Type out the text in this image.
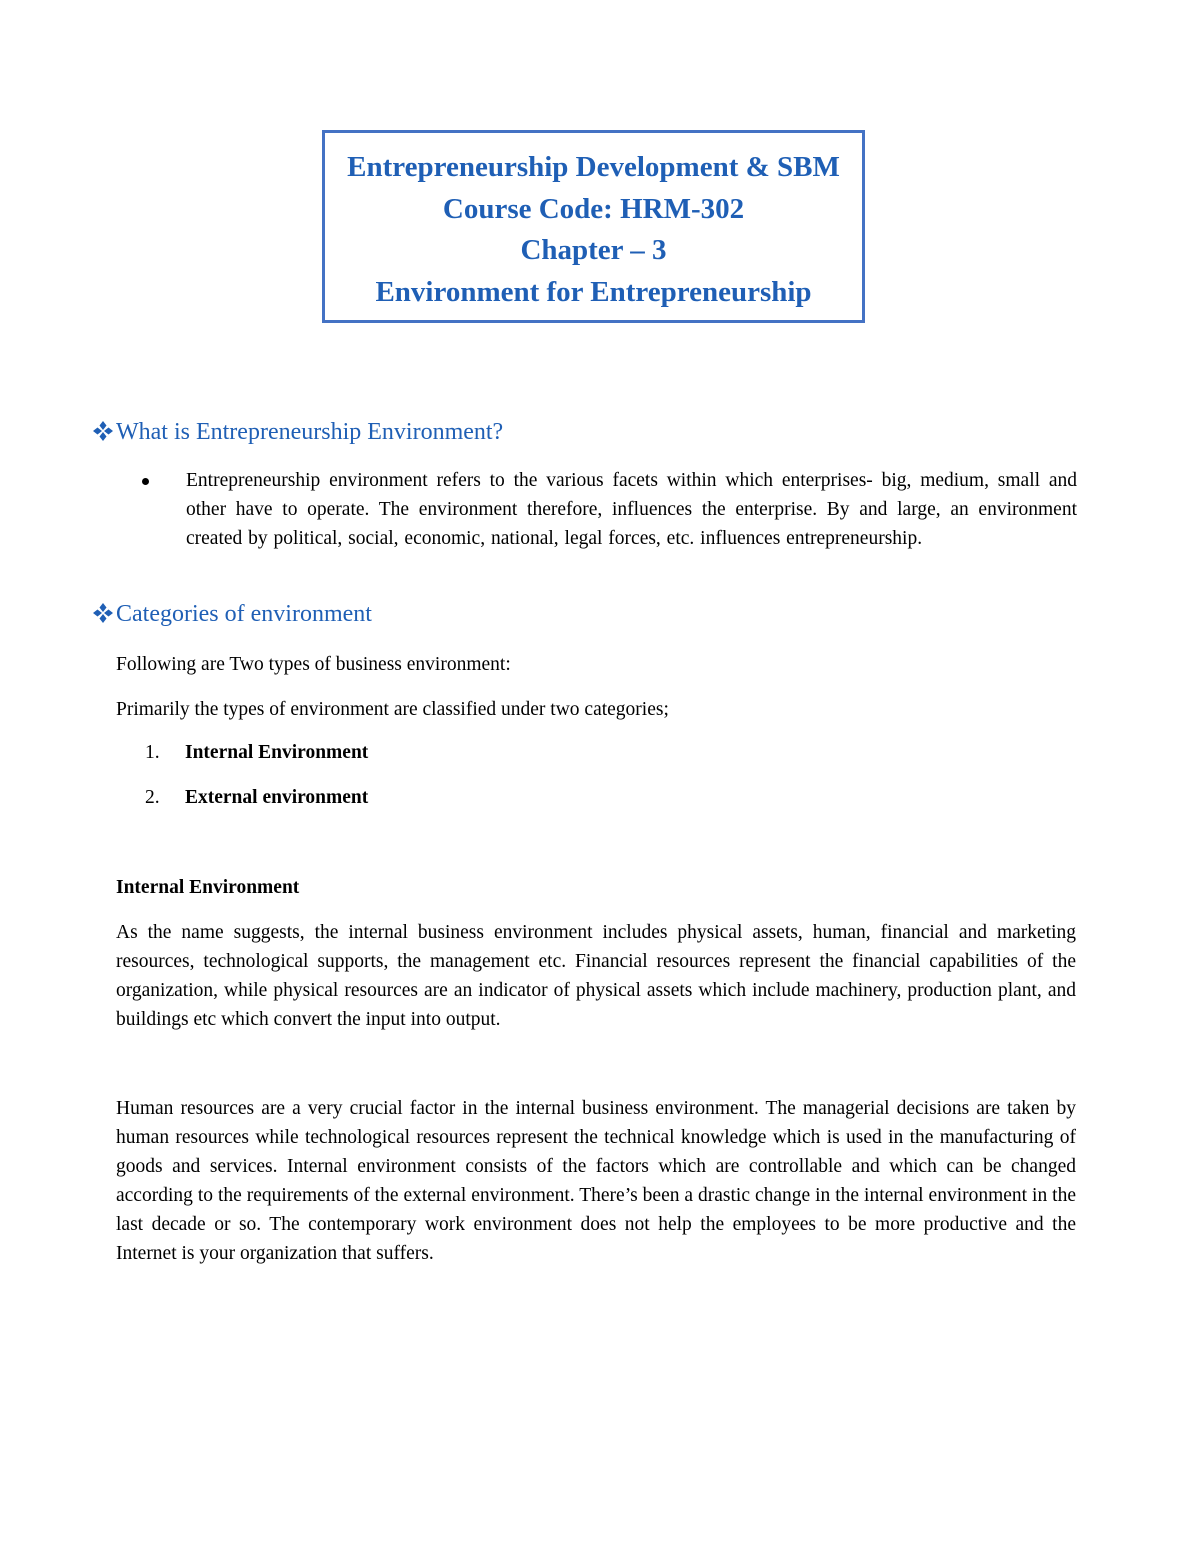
Entrepreneurship Development & SBM
Course Code: HRM-302
Chapter – 3
Environment for Entrepreneurship
What is Entrepreneurship Environment?
Entrepreneurship environment refers to the various facets within which enterprises- big, medium, small and other have to operate. The environment therefore, influences the enterprise. By and large, an environment created by political, social, economic, national, legal forces, etc. influences entrepreneurship.
Categories of environment
Following are Two types of business environment:
Primarily the types of environment are classified under two categories;
1. Internal Environment
2. External environment
Internal Environment
As the name suggests, the internal business environment includes physical assets, human, financial and marketing resources, technological supports, the management etc. Financial resources represent the financial capabilities of the organization, while physical resources are an indicator of physical assets which include machinery, production plant, and buildings etc which convert the input into output.
Human resources are a very crucial factor in the internal business environment. The managerial decisions are taken by human resources while technological resources represent the technical knowledge which is used in the manufacturing of goods and services. Internal environment consists of the factors which are controllable and which can be changed according to the requirements of the external environment. There’s been a drastic change in the internal environment in the last decade or so. The contemporary work environment does not help the employees to be more productive and the Internet is your organization that suffers.
